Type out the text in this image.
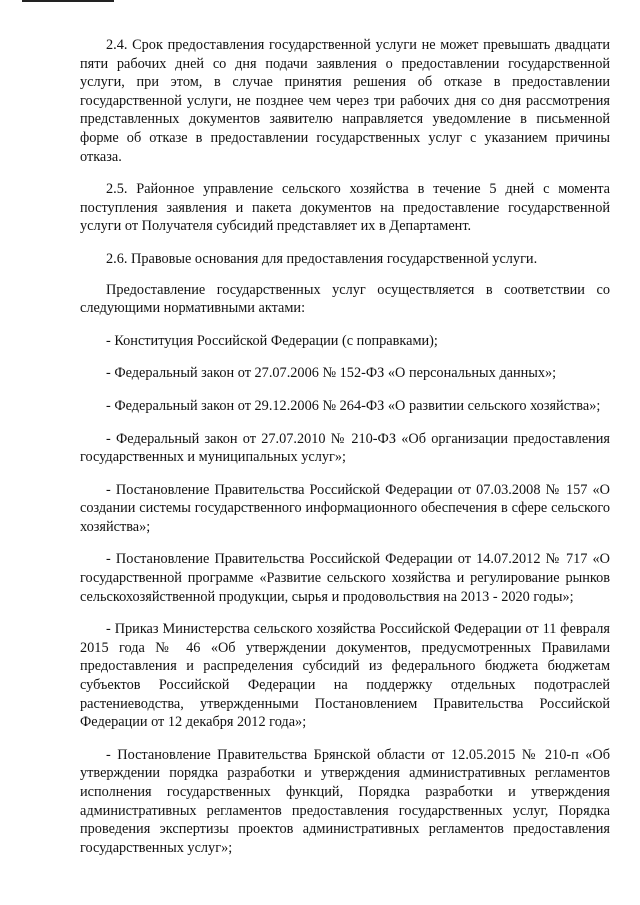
2.4. Срок предоставления государственной услуги не может превышать двадцати пяти рабочих дней со дня подачи заявления о предоставлении государственной услуги, при этом, в случае принятия решения об отказе в предоставлении государственной услуги, не позднее чем через три рабочих дня со дня рассмотрения представленных документов заявителю направляется уведомление в письменной форме об отказе в предоставлении государственных услуг с указанием причины отказа.

2.5. Районное управление сельского хозяйства в течение 5 дней с момента поступления заявления и пакета документов на предоставление государственной услуги от Получателя субсидий представляет их в Департамент.

2.6. Правовые основания для предоставления государственной услуги.

Предоставление государственных услуг осуществляется в соответствии со следующими нормативными актами:

- Конституция Российской Федерации (с поправками);

- Федеральный закон от 27.07.2006 № 152-ФЗ «О персональных данных»;

- Федеральный закон от 29.12.2006 № 264-ФЗ «О развитии сельского хозяйства»;

- Федеральный закон от 27.07.2010 № 210-ФЗ «Об организации предоставления государственных и муниципальных услуг»;

- Постановление Правительства Российской Федерации от 07.03.2008 № 157 «О создании системы государственного информационного обеспечения в сфере сельского хозяйства»;

- Постановление Правительства Российской Федерации от 14.07.2012 № 717 «О государственной программе «Развитие сельского хозяйства и регулирование рынков сельскохозяйственной продукции, сырья и продовольствия на 2013 - 2020 годы»;

- Приказ Министерства сельского хозяйства Российской Федерации от 11 февраля 2015 года № 46 «Об утверждении документов, предусмотренных Правилами предоставления и распределения субсидий из федерального бюджета бюджетам субъектов Российской Федерации на поддержку отдельных подотраслей растениеводства, утвержденными Постановлением Правительства Российской Федерации от 12 декабря 2012 года»;

- Постановление Правительства Брянской области от 12.05.2015 № 210-п «Об утверждении порядка разработки и утверждения административных регламентов исполнения государственных функций, Порядка разработки и утверждения административных регламентов предоставления государственных услуг, Порядка проведения экспертизы проектов административных регламентов предоставления государственных услуг»;
